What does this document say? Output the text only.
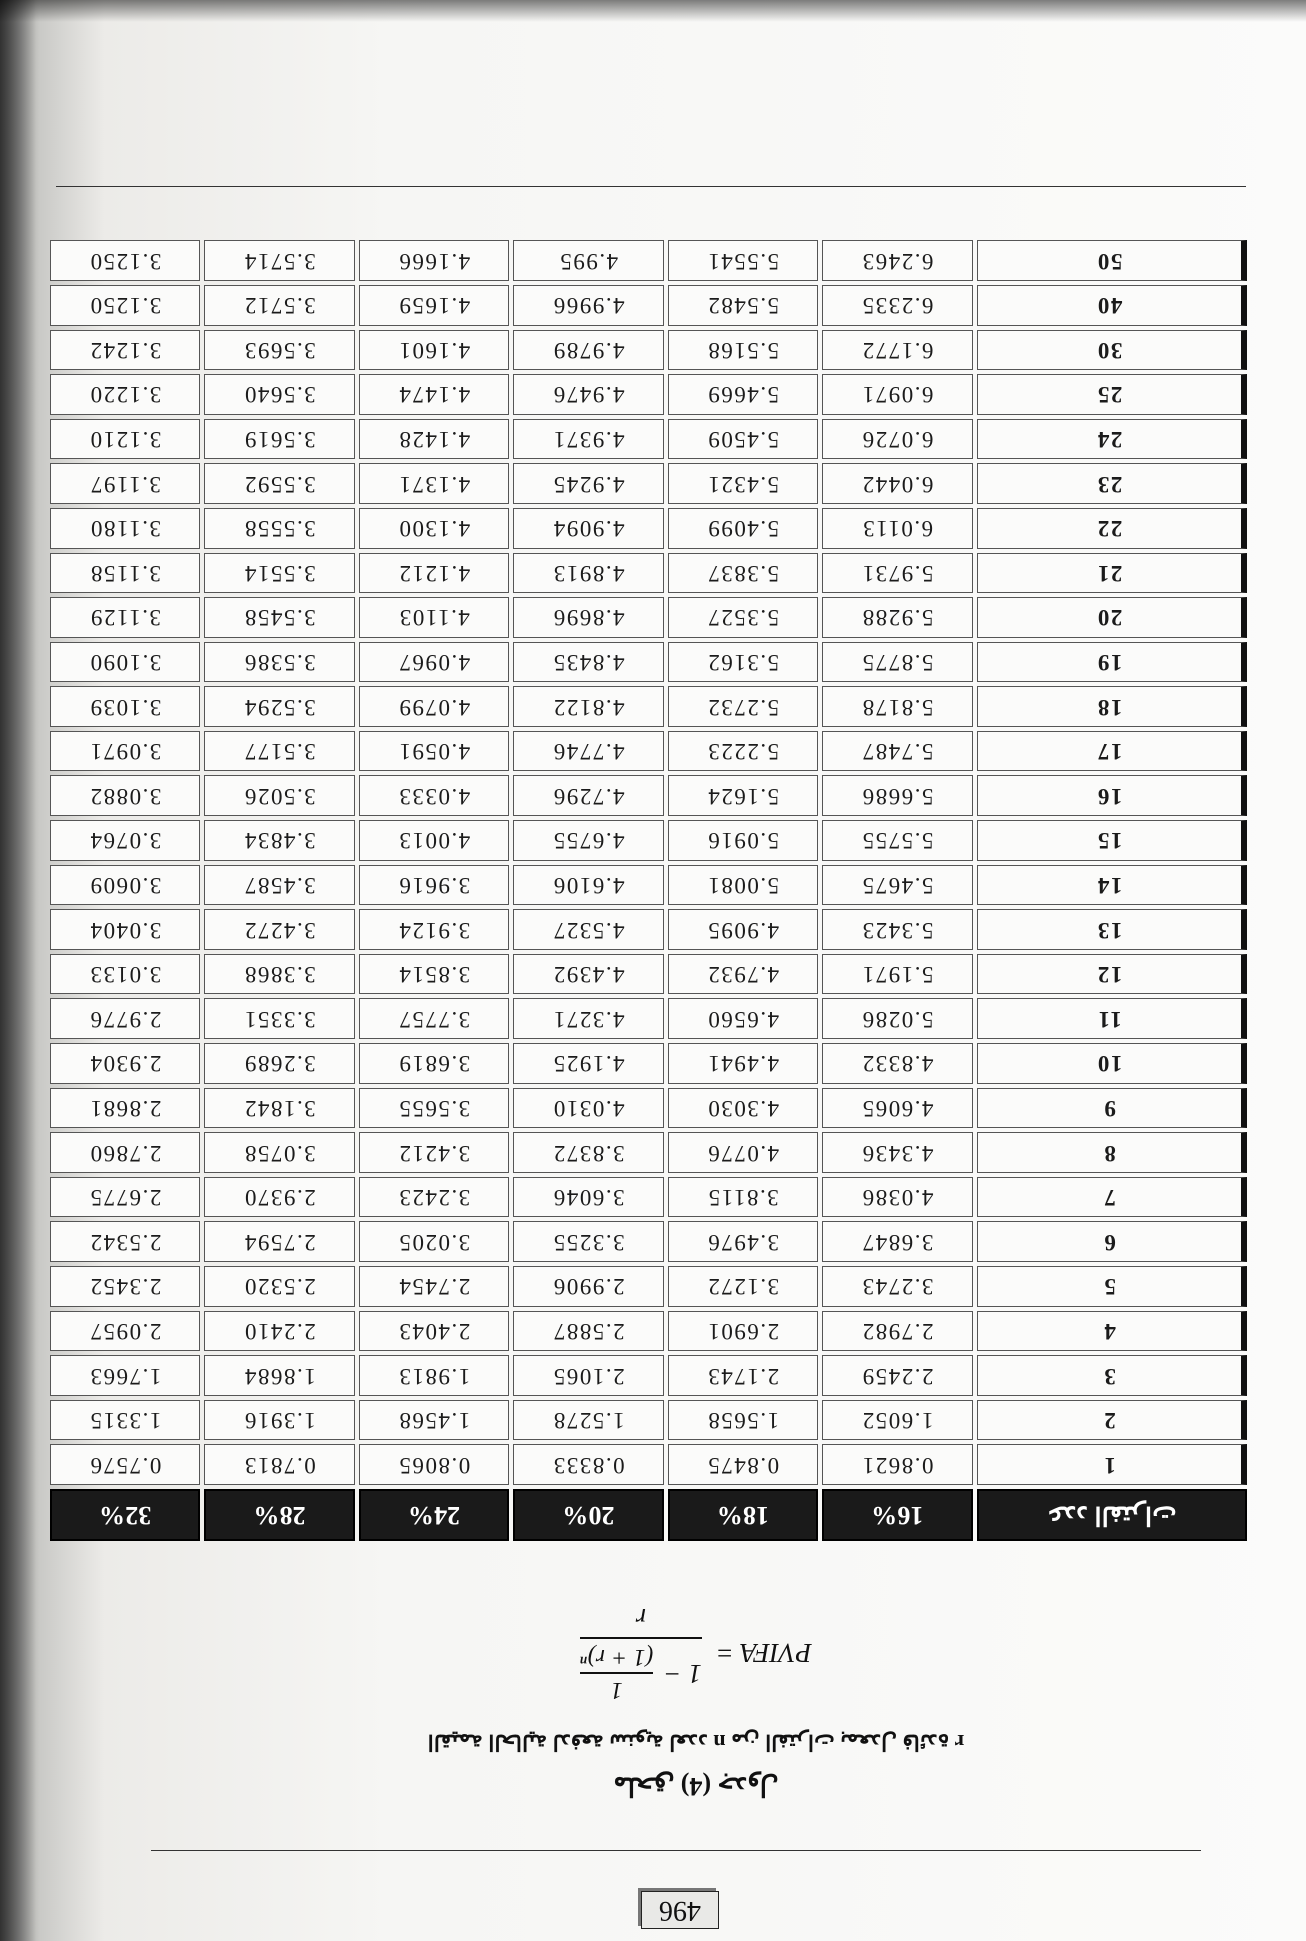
ملحق (4) جدول
القيمة الحالية لدفعة سنوية لعدد n من الفترات بمعدل فائدة r
PVIFA =
1 −
1
(1 + r)ⁿ
r
عدد الفترات	16%	18%	20%	24%	28%	32%
1	0.8621	0.8475	0.8333	0.8065	0.7813	0.7576
2	1.6052	1.5658	1.5278	1.4568	1.3916	1.3315
3	2.2459	2.1743	2.1065	1.9813	1.8684	1.7663
4	2.7982	2.6901	2.5887	2.4043	2.2410	2.0957
5	3.2743	3.1272	2.9906	2.7454	2.5320	2.3452
6	3.6847	3.4976	3.3255	3.0205	2.7594	2.5342
7	4.0386	3.8115	3.6046	3.2423	2.9370	2.6775
8	4.3436	4.0776	3.8372	3.4212	3.0758	2.7860
9	4.6065	4.3030	4.0310	3.5655	3.1842	2.8681
10	4.8332	4.4941	4.1925	3.6819	3.2689	2.9304
11	5.0286	4.6560	4.3271	3.7757	3.3351	2.9776
12	5.1971	4.7932	4.4392	3.8514	3.3868	3.0133
13	5.3423	4.9095	4.5327	3.9124	3.4272	3.0404
14	5.4675	5.0081	4.6106	3.9616	3.4587	3.0609
15	5.5755	5.0916	4.6755	4.0013	3.4834	3.0764
16	5.6686	5.1624	4.7296	4.0333	3.5026	3.0882
17	5.7487	5.2223	4.7746	4.0591	3.5177	3.0971
18	5.8178	5.2732	4.8122	4.0799	3.5294	3.1039
19	5.8775	5.3162	4.8435	4.0967	3.5386	3.1090
20	5.9288	5.3527	4.8696	4.1103	3.5458	3.1129
21	5.9731	5.3837	4.8913	4.1212	3.5514	3.1158
22	6.0113	5.4099	4.9094	4.1300	3.5558	3.1180
23	6.0442	5.4321	4.9245	4.1371	3.5592	3.1197
24	6.0726	5.4509	4.9371	4.1428	3.5619	3.1210
25	6.0971	5.4669	4.9476	4.1474	3.5640	3.1220
30	6.1772	5.5168	4.9789	4.1601	3.5693	3.1242
40	6.2335	5.5482	4.9966	4.1659	3.5712	3.1250
50	6.2463	5.5541	4.995	4.1666	3.5714	3.1250
496
